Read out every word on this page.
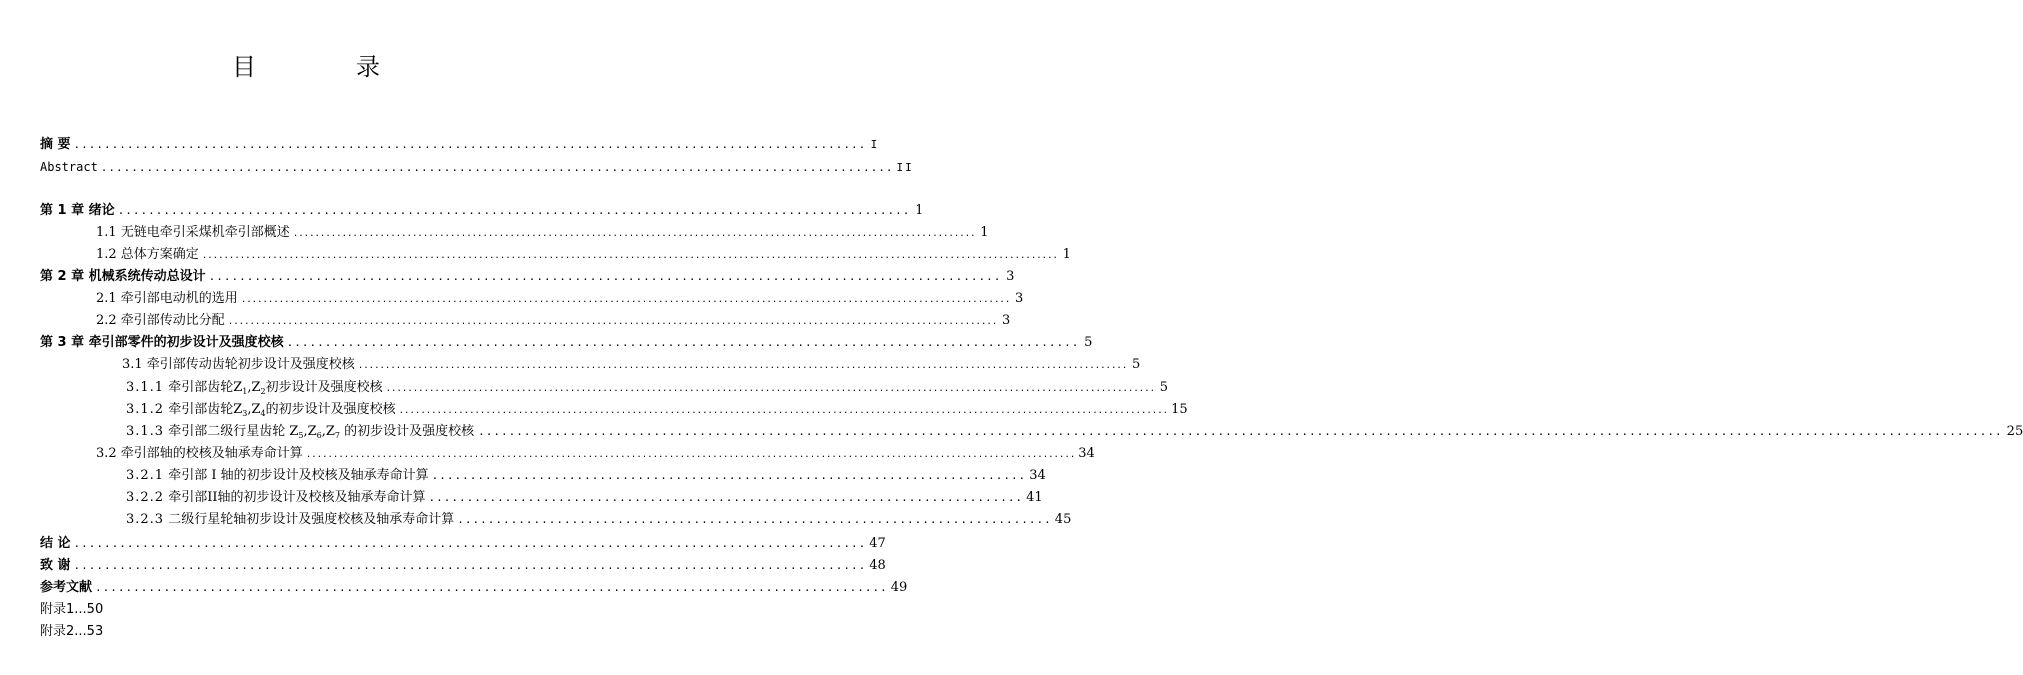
目　录
摘 要 ........................................................................................................ I
Abstract ........................................................................................................ II
第 1 章 绪论 ........................................................................................................ 1
1.1 无链电牵引采煤机牵引部概述 .............................................................................................................................. 1
1.2 总体方案确定 .............................................................................................................................................................. 1
第 2 章 机械系统传动总设计 ........................................................................................................ 3
2.1 牵引部电动机的选用 .............................................................................................................................................. 3
2.2 牵引部传动比分配 .............................................................................................................................................. 3
第 3 章 牵引部零件的初步设计及强度校核 ........................................................................................................ 5
3.1 牵引部传动齿轮初步设计及强度校核 .............................................................................................................................................. 5
3.1.1 牵引部齿轮$Z_1,Z_2$初步设计及强度校核 .............................................................................................................................................. 5
3.1.2 牵引部齿轮$Z_3,Z_4$的初步设计及强度校核 .............................................................................................................................................. 15
3.1.3 牵引部二级行星齿轮 $Z_5,Z_6,Z_7$ 的初步设计及强度校核 ........................................................................................................................................................................................................ 25
3.2 牵引部轴的校核及轴承寿命计算 .............................................................................................................................................. 34
3.2.1 牵引部 I 轴的初步设计及校核及轴承寿命计算 .............................................................................. 34
3.2.2 牵引部II轴的初步设计及校核及轴承寿命计算 .............................................................................. 41
3.2.3 二级行星轮轴初步设计及强度校核及轴承寿命计算 .............................................................................. 45
结 论 ........................................................................................................ 47
致 谢 ........................................................................................................ 48
参考文献 ........................................................................................................ 49
附录1...50
附录2...53
